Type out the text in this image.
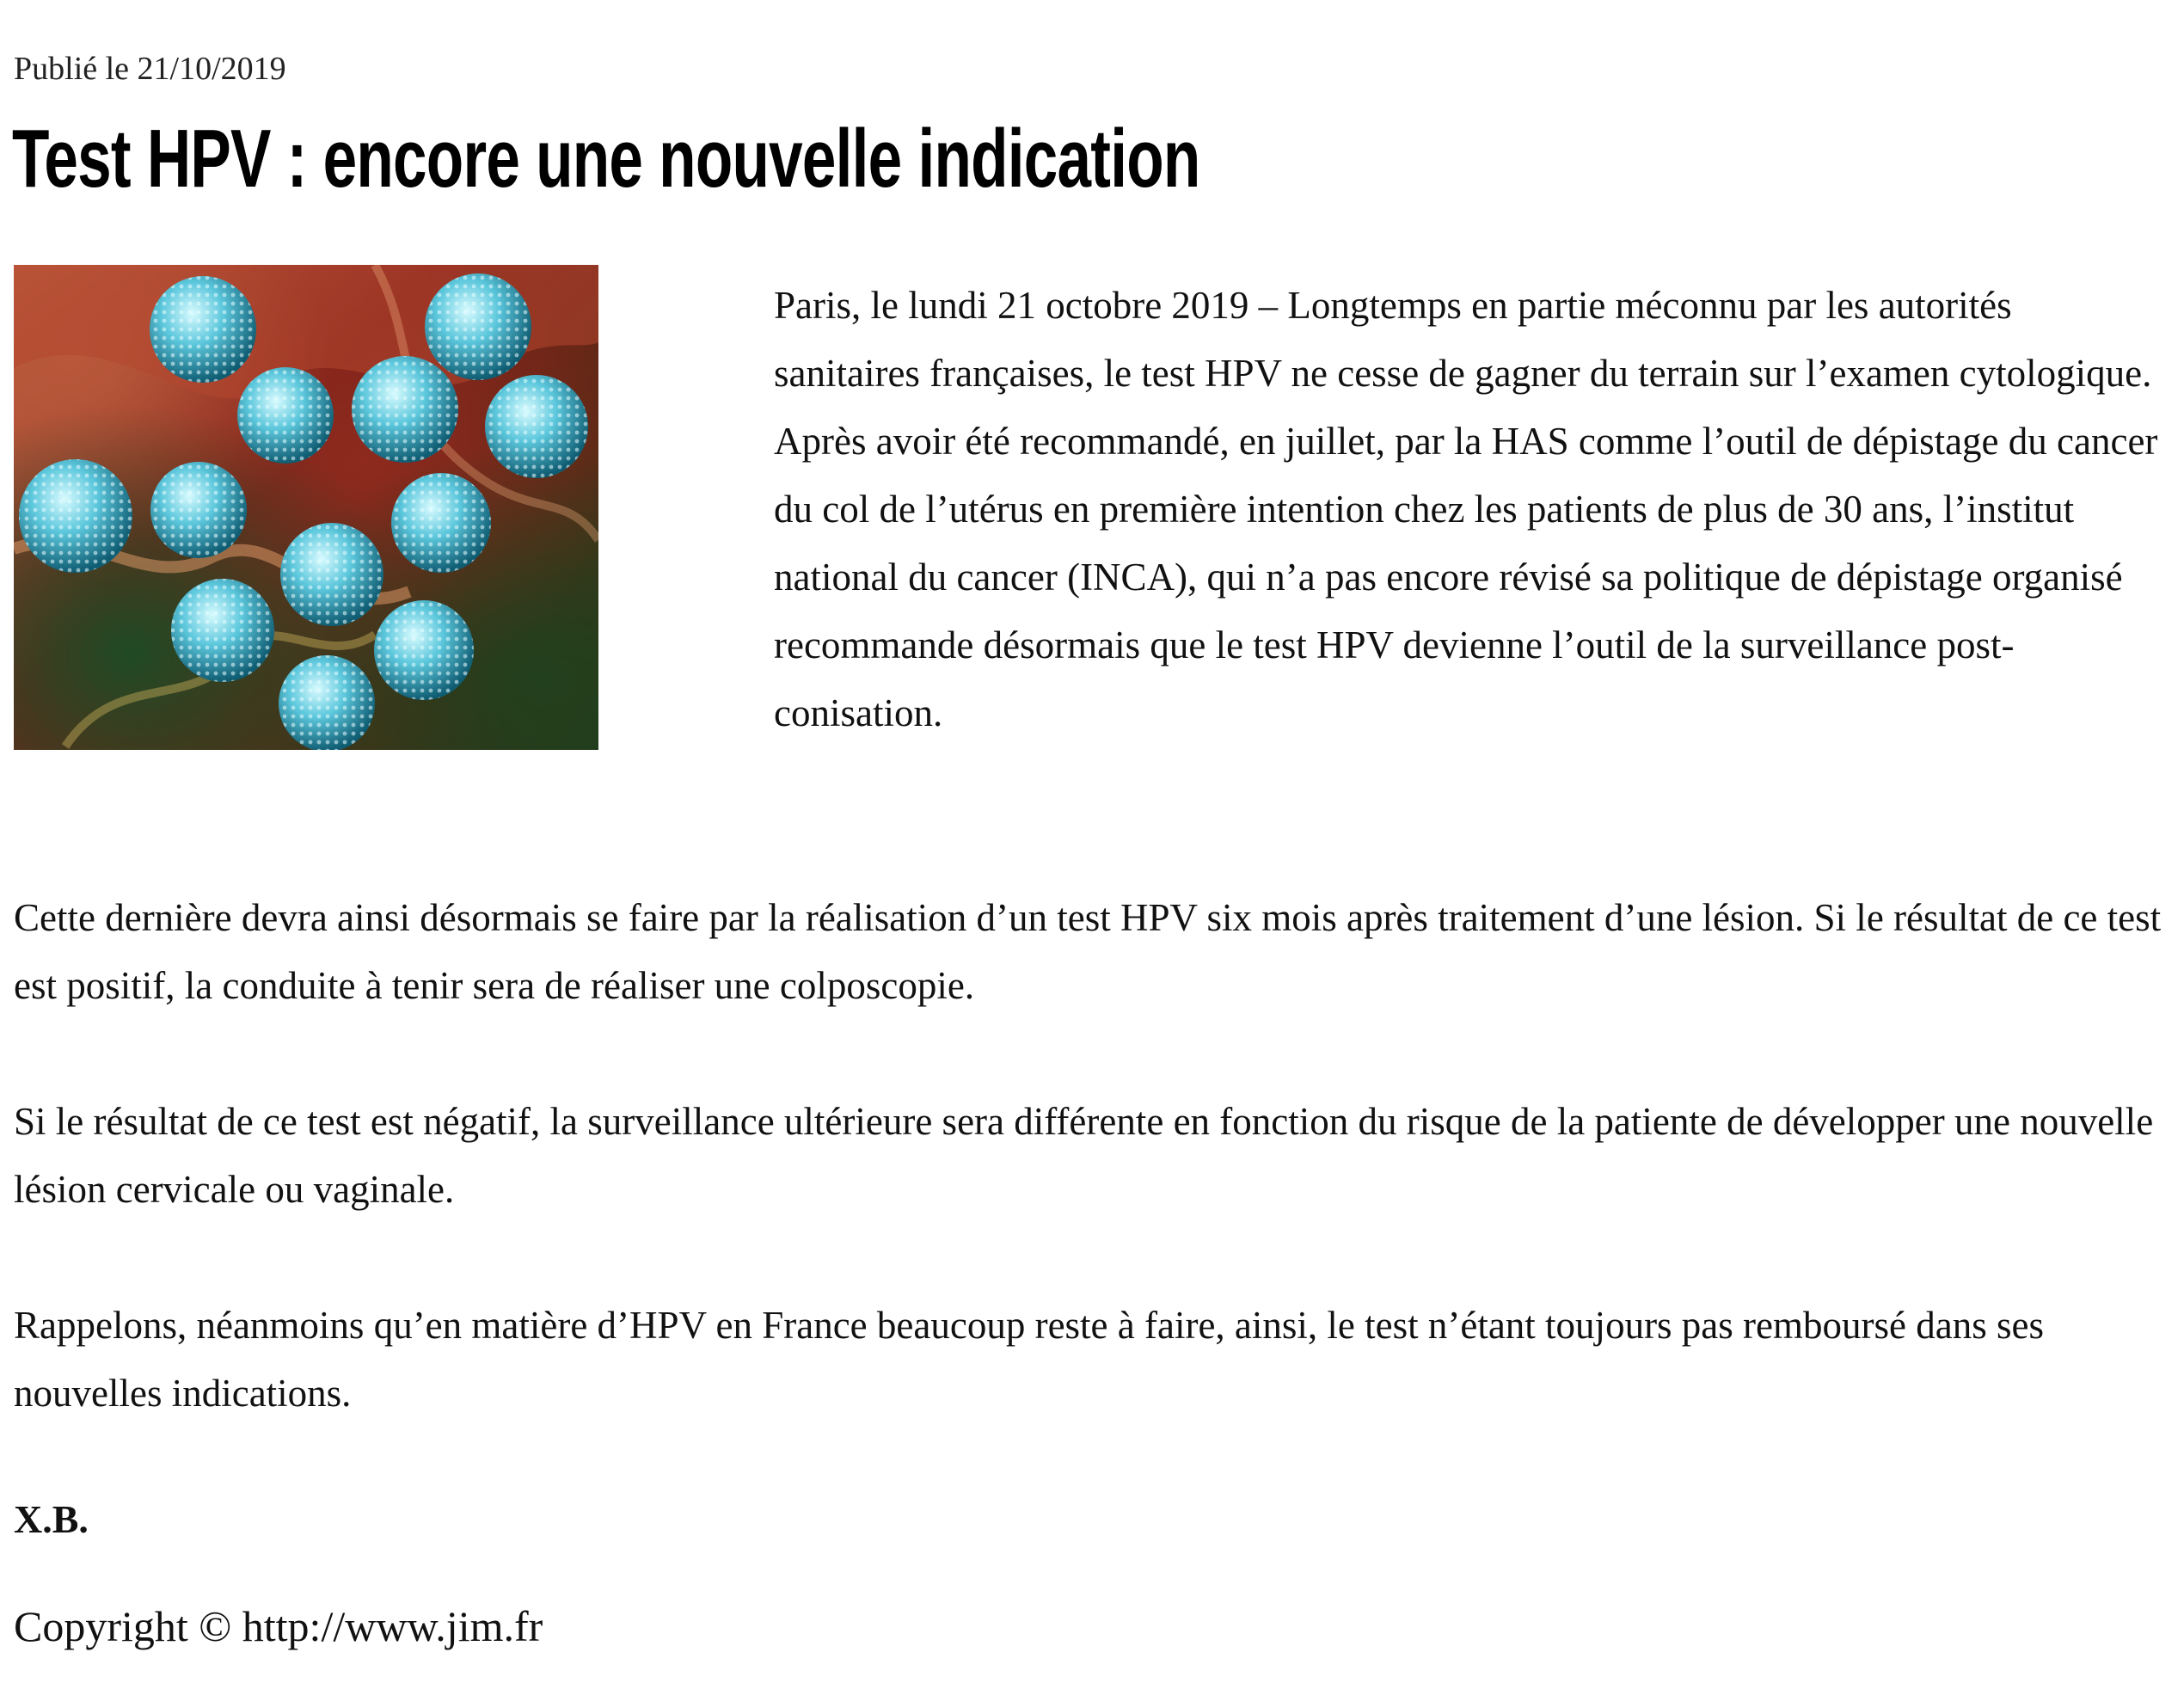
Publié le 21/10/2019
Test HPV : encore une nouvelle indication

Paris, le lundi 21 octobre 2019 – Longtemps en partie méconnu par les autorités sanitaires françaises, le test HPV ne cesse de gagner du terrain sur l’examen cytologique. Après avoir été recommandé, en juillet, par la HAS comme l’outil de dépistage du cancer du col de l’utérus en première intention chez les patients de plus de 30 ans, l’institut national du cancer (INCA), qui n’a pas encore révisé sa politique de dépistage organisé recommande désormais que le test HPV devienne l’outil de la surveillance post-conisation.

Cette dernière devra ainsi désormais se faire par la réalisation d’un test HPV six mois après traitement d’une lésion. Si le résultat de ce test est positif, la conduite à tenir sera de réaliser une colposcopie.

Si le résultat de ce test est négatif, la surveillance ultérieure sera différente en fonction du risque de la patiente de développer une nouvelle lésion cervicale ou vaginale.

Rappelons, néanmoins qu’en matière d’HPV en France beaucoup reste à faire, ainsi, le test n’étant toujours pas remboursé dans ses nouvelles indications.

X.B.

Copyright © http://www.jim.fr
